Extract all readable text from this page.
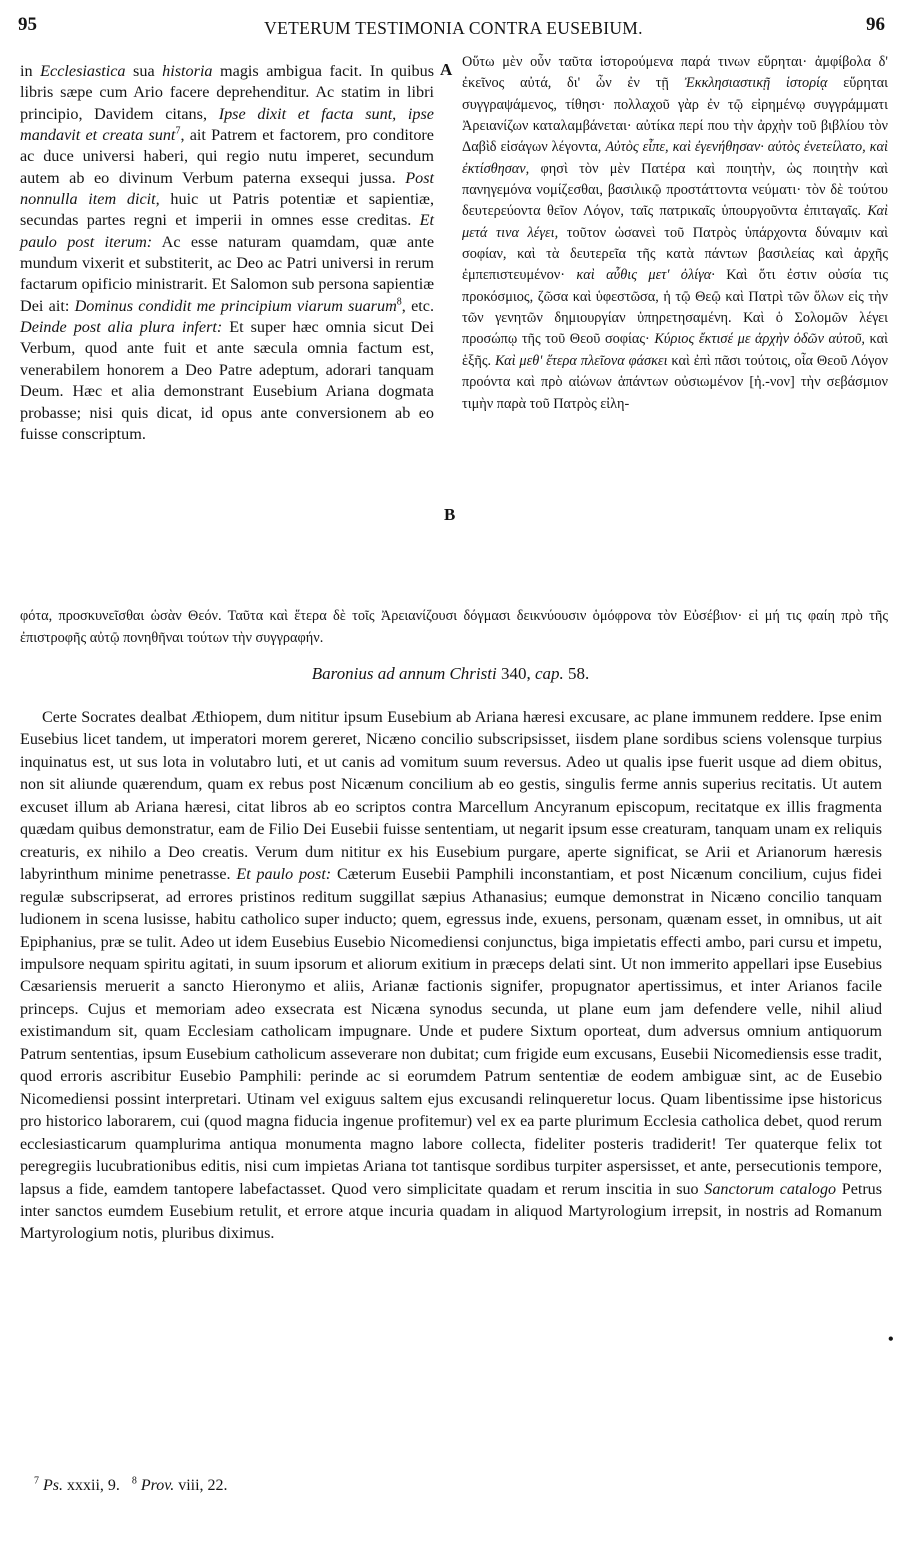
95	VETERUM TESTIMONIA CONTRA EUSEBIUM.	96
A
B

in Ecclesiastica sua historia magis ambigua facit. In quibus libris sæpe cum Ario facere deprehenditur. Ac statim in libri principio, Davidem citans, Ipse dixit et facta sunt, ipse mandavit et creata sunt$^7$, ait Patrem et factorem, pro conditore ac duce universi haberi, qui regio nutu imperet, secundum autem ab eo divinum Verbum paterna exsequi jussa. Post nonnulla item dicit, huic ut Patris potentiæ et sapientiæ, secundas partes regni et imperii in omnes esse creditas. Et paulo post iterum: Ac esse naturam quamdam, quæ ante mundum vixerit et substiterit, ac Deo ac Patri universi in rerum factarum opificio ministrarit. Et Salomon sub persona sapientiæ Dei ait: Dominus condidit me principium viarum suarum$^8$, etc. Deinde post alia plura infert: Et super hæc omnia sicut Dei Verbum, quod ante fuit et ante sæcula omnia factum est, venerabilem honorem a Deo Patre adeptum, adorari tanquam Deum. Hæc et alia demonstrant Eusebium Ariana dogmata probasse; nisi quis dicat, id opus ante conversionem ab eo fuisse conscriptum.

Οὕτω μὲν οὖν ταῦτα ἱστορούμενα παρά τινων εὕρηται· ἀμφίβολα δ' ἐκεῖνος αὐτά, δι' ὧν ἐν τῇ Ἐκκλησιαστικῇ ἱστορίᾳ εὕρηται συγγραψάμενος, τίθησι· πολλαχοῦ γὰρ ἐν τῷ εἰρημένῳ συγγράμματι Ἀρειανίζων καταλαμβάνεται· αὐτίκα περί που τὴν ἀρχὴν τοῦ βιβλίου τὸν Δαβὶδ εἰσάγων λέγοντα, Αὐτὸς εἶπε, καὶ ἐγενήθησαν· αὐτὸς ἐνετείλατο, καὶ ἐκτίσθησαν, φησὶ τὸν μὲν Πατέρα καὶ ποιητὴν, ὡς ποιητὴν καὶ πανηγεμόνα νομίζεσθαι, βασιλικῷ προστάττοντα νεύματι· τὸν δὲ τούτου δευτερεύοντα θεῖον Λόγον, ταῖς πατρικαῖς ὑπουργοῦντα ἐπιταγαῖς. Καὶ μετά τινα λέγει, τοῦτον ὡσανεὶ τοῦ Πατρὸς ὑπάρχοντα δύναμιν καὶ σοφίαν, καὶ τὰ δευτερεῖα τῆς κατὰ πάντων βασιλείας καὶ ἀρχῆς ἐμπεπιστευμένον· καὶ αὖθις μετ' ὀλίγα· Καὶ ὅτι ἐστιν οὐσία τις προκόσμιος, ζῶσα καὶ ὑφεστῶσα, ἡ τῷ Θεῷ καὶ Πατρὶ τῶν ὅλων εἰς τὴν τῶν γενητῶν δημιουργίαν ὑπηρετησαμένη. Καὶ ὁ Σολομῶν λέγει προσώπῳ τῆς τοῦ Θεοῦ σοφίας· Κύριος ἔκτισέ με ἀρχὴν ὁδῶν αὐτοῦ, καὶ ἑξῆς. Καὶ μεθ' ἕτερα πλεῖονα φάσκει καὶ ἐπὶ πᾶσι τούτοις, οἷα Θεοῦ Λόγον προόντα καὶ πρὸ αἰώνων ἁπάντων οὐσιωμένον [ἠ.-νον] τὴν σεβάσμιον τιμὴν παρὰ τοῦ Πατρὸς εἰλη-

φότα, προσκυνεῖσθαι ὡσὰν Θεόν. Ταῦτα καὶ ἕτερα δὲ τοῖς Ἀρειανίζουσι δόγμασι δεικνύουσιν ὁμόφρονα τὸν Εὐσέβιον· εἰ μή τις φαίη πρὸ τῆς ἐπιστροφῆς αὐτῷ πονηθῆναι τούτων τὴν συγγραφήν.

Baronius ad annum Christi 340, cap. 58.

Certe Socrates dealbat Æthiopem, dum nititur ipsum Eusebium ab Ariana hæresi excusare, ac plane immunem reddere. Ipse enim Eusebius licet tandem, ut imperatori morem gereret, Nicæno concilio subscripsisset, iisdem plane sordibus sciens volensque turpius inquinatus est, ut sus lota in volutabro luti, et ut canis ad vomitum suum reversus. Adeo ut qualis ipse fuerit usque ad diem obitus, non sit aliunde quærendum, quam ex rebus post Nicænum concilium ab eo gestis, singulis ferme annis superius recitatis. Ut autem excuset illum ab Ariana hæresi, citat libros ab eo scriptos contra Marcellum Ancyranum episcopum, recitatque ex illis fragmenta quædam quibus demonstratur, eam de Filio Dei Eusebii fuisse sententiam, ut negarit ipsum esse creaturam, tanquam unam ex reliquis creaturis, ex nihilo a Deo creatis. Verum dum nititur ex his Eusebium purgare, aperte significat, se Arii et Arianorum hæresis labyrinthum minime penetrasse. Et paulo post: Cæterum Eusebii Pamphili inconstantiam, et post Nicænum concilium, cujus fidei regulæ subscripserat, ad errores pristinos reditum suggillat sæpius Athanasius; eumque demonstrat in Nicæno concilio tanquam ludionem in scena lusisse, habitu catholico super inducto; quem, egressus inde, exuens, personam, quænam esset, in omnibus, ut ait Epiphanius, præ se tulit. Adeo ut idem Eusebius Eusebio Nicomediensi conjunctus, biga impietatis effecti ambo, pari cursu et impetu, impulsore nequam spiritu agitati, in suum ipsorum et aliorum exitium in præceps delati sint. Ut non immerito appellari ipse Eusebius Cæsariensis meruerit a sancto Hieronymo et aliis, Arianæ factionis signifer, propugnator apertissimus, et inter Arianos facile princeps. Cujus et memoriam adeo exsecrata est Nicæna synodus secunda, ut plane eum jam defendere velle, nihil aliud existimandum sit, quam Ecclesiam catholicam impugnare. Unde et pudere Sixtum oporteat, dum adversus omnium antiquorum Patrum sententias, ipsum Eusebium catholicum asseverare non dubitat; cum frigide eum excusans, Eusebii Nicomediensis esse tradit, quod erroris ascribitur Eusebio Pamphili: perinde ac si eorumdem Patrum sententiæ de eodem ambiguæ sint, ac de Eusebio Nicomediensi possint interpretari. Utinam vel exiguus saltem ejus excusandi relinqueretur locus. Quam libentissime ipse historicus pro historico laborarem, cui (quod magna fiducia ingenue profitemur) vel ex ea parte plurimum Ecclesia catholica debet, quod rerum ecclesiasticarum quamplurima antiqua monumenta magno labore collecta, fideliter posteris tradiderit! Ter quaterque felix tot peregregiis lucubrationibus editis, nisi cum impietas Ariana tot tantisque sordibus turpiter aspersisset, et ante, persecutionis tempore, lapsus a fide, eamdem tantopere labefactasset. Quod vero simplicitate quadam et rerum inscitia in suo Sanctorum catalogo Petrus inter sanctos eumdem Eusebium retulit, et errore atque incuria quadam in aliquod Martyrologium irrepsit, in nostris ad Romanum Martyrologium notis, pluribus diximus.

•
$^7$ Ps. xxxii, 9. $^8$ Prov. viii, 22.
